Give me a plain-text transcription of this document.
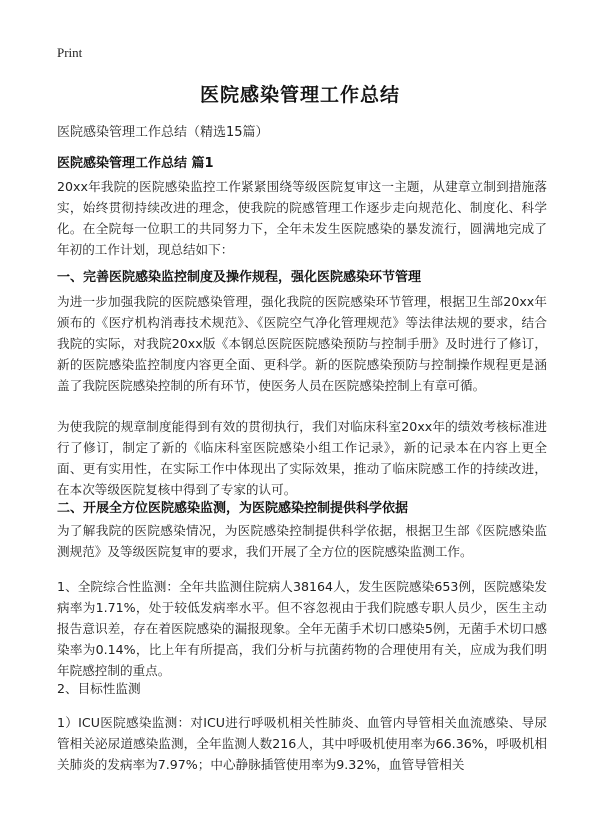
Print
医院感染管理工作总结
医院感染管理工作总结（精选15篇）
医院感染管理工作总结 篇1
20xx年我院的医院感染监控工作紧紧围绕等级医院复审这一主题，从建章立制到措施落实，始终贯彻持续改进的理念，使我院的院感管理工作逐步走向规范化、制度化、科学化。在全院每一位职工的共同努力下，全年未发生医院感染的暴发流行，圆满地完成了年初的工作计划，现总结如下：
一、完善医院感染监控制度及操作规程，强化医院感染环节管理
为进一步加强我院的医院感染管理，强化我院的医院感染环节管理，根据卫生部20xx年颁布的《医疗机构消毒技术规范》、《医院空气净化管理规范》等法律法规的要求，结合我院的实际，对我院20xx版《本钢总医院医院感染预防与控制手册》及时进行了修订，新的医院感染监控制度内容更全面、更科学。新的医院感染预防与控制操作规程更是涵盖了我院医院感染控制的所有环节，使医务人员在医院感染控制上有章可循。
为使我院的规章制度能得到有效的贯彻执行，我们对临床科室20xx年的绩效考核标准进行了修订，制定了新的《临床科室医院感染小组工作记录》，新的记录本在内容上更全面、更有实用性，在实际工作中体现出了实际效果，推动了临床院感工作的持续改进，在本次等级医院复核中得到了专家的认可。
二、开展全方位医院感染监测，为医院感染控制提供科学依据
为了解我院的医院感染情况，为医院感染控制提供科学依据，根据卫生部《医院感染监测规范》及等级医院复审的要求，我们开展了全方位的医院感染监测工作。
1、全院综合性监测：全年共监测住院病人38164人，发生医院感染653例，医院感染发病率为1.71%，处于较低发病率水平。但不容忽视由于我们院感专职人员少，医生主动报告意识差，存在着医院感染的漏报现象。全年无菌手术切口感染5例，无菌手术切口感染率为0.14%，比上年有所提高，我们分析与抗菌药物的合理使用有关，应成为我们明年院感控制的重点。
2、目标性监测
1）ICU医院感染监测：对ICU进行呼吸机相关性肺炎、血管内导管相关血流感染、导尿管相关泌尿道感染监测，全年监测人数216人，其中呼吸机使用率为66.36%，呼吸机相关肺炎的发病率为7.97%；中心静脉插管使用率为9.32%，血管导管相关
